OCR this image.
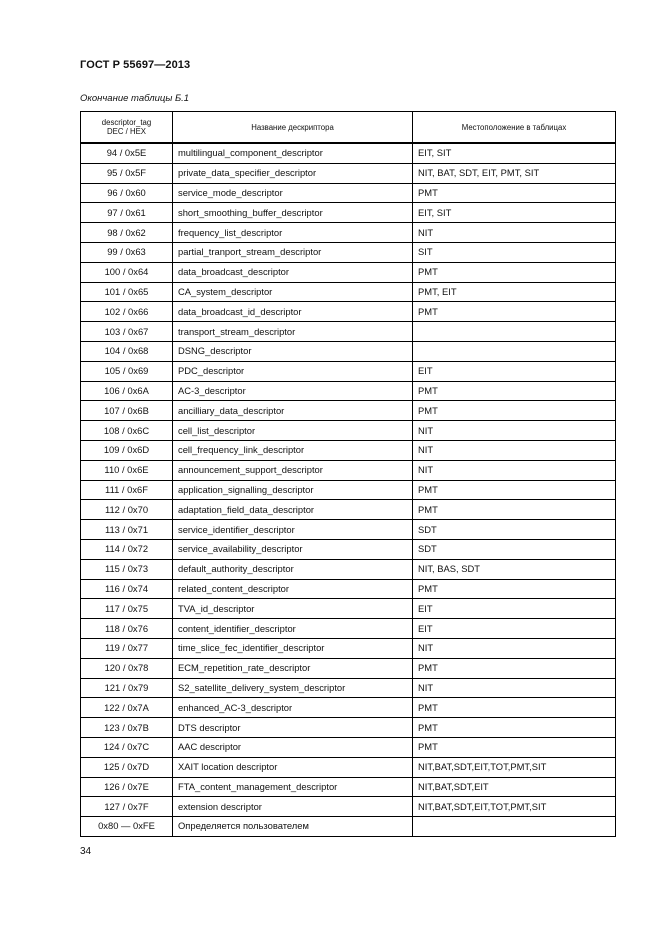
ГОСТ Р 55697—2013
Окончание таблицы Б.1
descriptor_tag
DEC / HEX	Название дескриптора	Местоположение в таблицах
94 / 0x5E	multilingual_component_descriptor	EIT, SIT
95 / 0x5F	private_data_specifier_descriptor	NIT, BAT, SDT, EIT, PMT, SIT
96 / 0x60	service_mode_descriptor	PMT
97 / 0x61	short_smoothing_buffer_descriptor	EIT, SIT
98 / 0x62	frequency_list_descriptor	NIT
99 / 0x63	partial_tranport_stream_descriptor	SIT
100 / 0x64	data_broadcast_descriptor	PMT
101 / 0x65	CA_system_descriptor	PMT, EIT
102 / 0x66	data_broadcast_id_descriptor	PMT
103 / 0x67	transport_stream_descriptor	
104 / 0x68	DSNG_descriptor	
105 / 0x69	PDC_descriptor	EIT
106 / 0x6A	AC-3_descriptor	PMT
107 / 0x6B	ancilliary_data_descriptor	PMT
108 / 0x6C	cell_list_descriptor	NIT
109 / 0x6D	cell_frequency_link_descriptor	NIT
110 / 0x6E	announcement_support_descriptor	NIT
111 / 0x6F	application_signalling_descriptor	PMT
112 / 0x70	adaptation_field_data_descriptor	PMT
113 / 0x71	service_identifier_descriptor	SDT
114 / 0x72	service_availability_descriptor	SDT
115 / 0x73	default_authority_descriptor	NIT, BAS, SDT
116 / 0x74	related_content_descriptor	PMT
117 / 0x75	TVA_id_descriptor	EIT
118 / 0x76	content_identifier_descriptor	EIT
119 / 0x77	time_slice_fec_identifier_descriptor	NIT
120 / 0x78	ECM_repetition_rate_descriptor	PMT
121 / 0x79	S2_satellite_delivery_system_descriptor	NIT
122 / 0x7A	enhanced_AC-3_descriptor	PMT
123 / 0x7B	DTS descriptor	PMT
124 / 0x7C	AAC descriptor	PMT
125 / 0x7D	XAIT location descriptor	NIT,BAT,SDT,EIT,TOT,PMT,SIT
126 / 0x7E	FTA_content_management_descriptor	NIT,BAT,SDT,EIT
127 / 0x7F	extension descriptor	NIT,BAT,SDT,EIT,TOT,PMT,SIT
0x80 — 0xFE	Определяется пользователем	
34
